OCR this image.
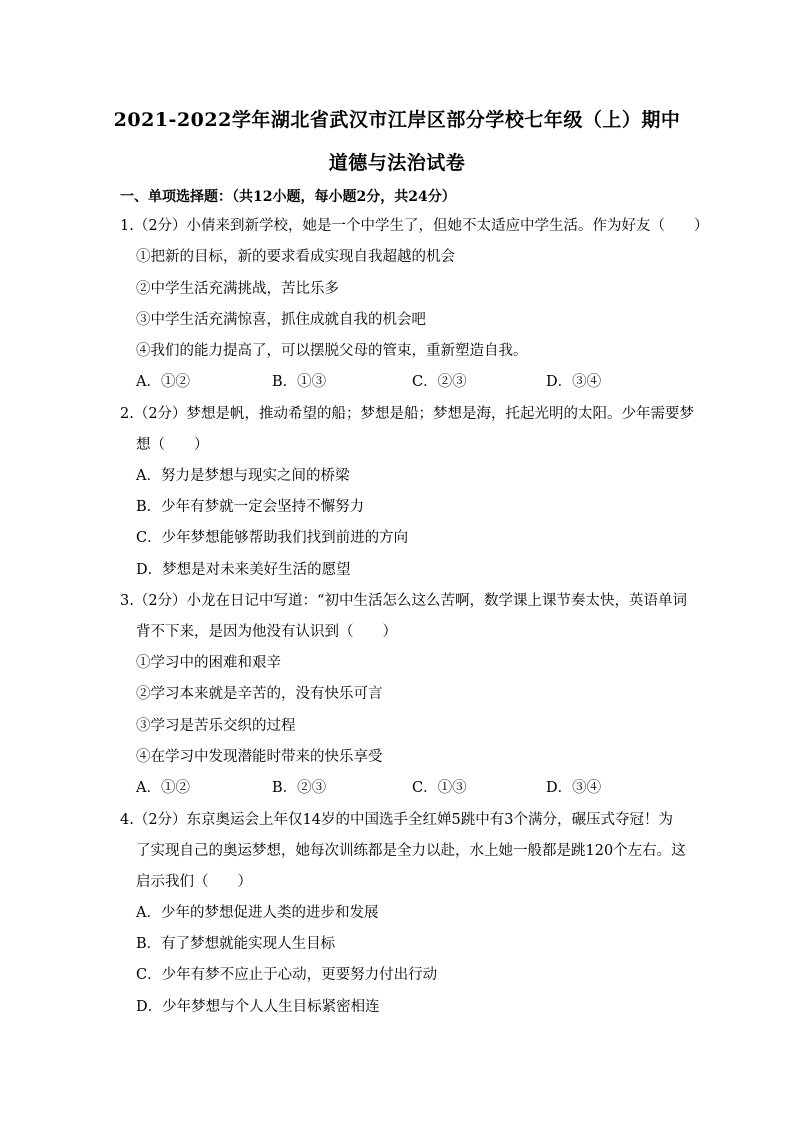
2021-2022学年湖北省武汉市江岸区部分学校七年级（上）期中
道德与法治试卷
一、单项选择题：（共12小题，每小题2分，共24分）
1.（2分）小倩来到新学校，她是一个中学生了，但她不太适应中学生活。作为好友（　　）
①把新的目标，新的要求看成实现自我超越的机会
②中学生活充满挑战，苦比乐多
③中学生活充满惊喜，抓住成就自我的机会吧
④我们的能力提高了，可以摆脱父母的管束，重新塑造自我。
A．①②	B．①③	C．②③	D．③④
2.（2分）梦想是帆，推动希望的船；梦想是船；梦想是海，托起光明的太阳。少年需要梦
想（　　）
A．努力是梦想与现实之间的桥梁
B．少年有梦就一定会坚持不懈努力
C．少年梦想能够帮助我们找到前进的方向
D．梦想是对未来美好生活的愿望
3.（2分）小龙在日记中写道：“初中生活怎么这么苦啊，数学课上课节奏太快，英语单词
背不下来，是因为他没有认识到（　　）
①学习中的困难和艰辛
②学习本来就是辛苦的，没有快乐可言
③学习是苦乐交织的过程
④在学习中发现潜能时带来的快乐享受
A．①②	B．②③	C．①③	D．③④
4.（2分）东京奥运会上年仅14岁的中国选手全红婵5跳中有3个满分，碾压式夺冠！为
了实现自己的奥运梦想，她每次训练都是全力以赴，水上她一般都是跳120个左右。这
启示我们（　　）
A．少年的梦想促进人类的进步和发展
B．有了梦想就能实现人生目标
C．少年有梦不应止于心动，更要努力付出行动
D．少年梦想与个人人生目标紧密相连
